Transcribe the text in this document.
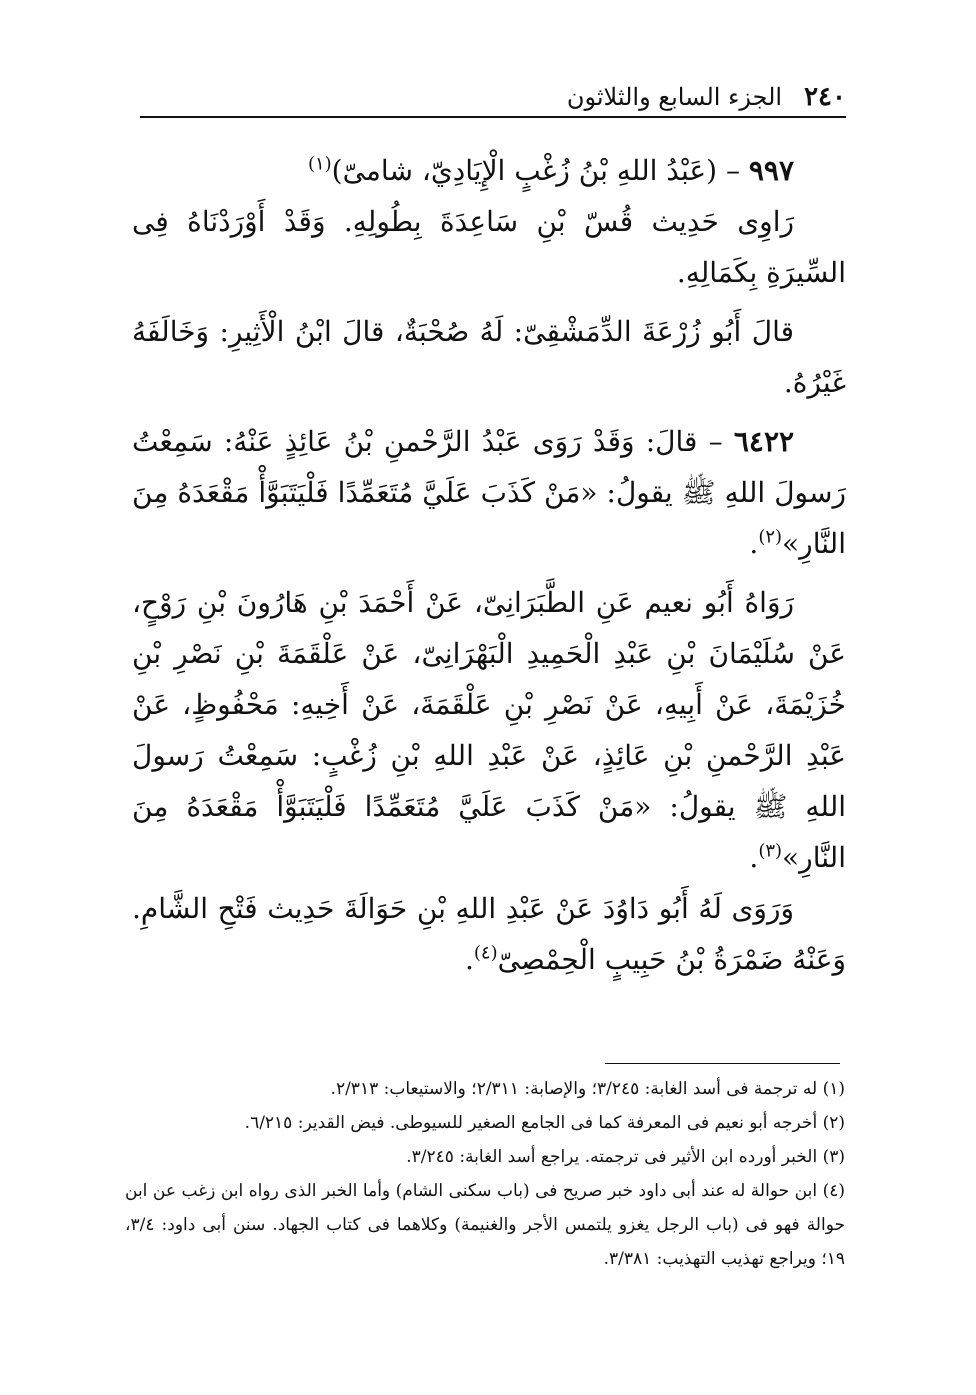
٢٤٠
الجزء السابع والثلاثون

٩٩٧ – (عَبْدُ اللهِ بْنُ زُغْبٍ الْإِيَادِيّ، شامىّ)$^{(١)}$

رَاوِى حَدِيث قُسّ بْنِ سَاعِدَةَ بِطُولِهِ. وَقَدْ أَوْرَدْنَاهُ فِى السِّيرَةِ بِكَمَالِهِ.

قالَ أَبُو زُرْعَةَ الدِّمَشْقِىّ: لَهُ صُحْبَةٌ، قالَ ابْنُ الْأَثِيرِ: وَخَالَفَهُ غَيْرُهُ.

٦٤٢٢ – قالَ: وَقَدْ رَوَى عَبْدُ الرَّحْمنِ بْنُ عَائِذٍ عَنْهُ: سَمِعْتُ رَسولَ اللهِ ﷺ يقولُ: «مَنْ كَذَبَ عَلَيَّ مُتَعَمِّدًا فَلْيَتَبَوَّأْ مَقْعَدَهُ مِنَ النَّارِ»$^{(٢)}$.

رَوَاهُ أَبُو نعيم عَنِ الطَّبَرَانِىّ، عَنْ أَحْمَدَ بْنِ هَارُونَ بْنِ رَوْحٍ، عَنْ سُلَيْمَانَ بْنِ عَبْدِ الْحَمِيدِ الْبَهْرَانِىّ، عَنْ عَلْقَمَةَ بْنِ نَصْرِ بْنِ خُزَيْمَةَ، عَنْ أَبِيهِ، عَنْ نَصْرِ بْنِ عَلْقَمَةَ، عَنْ أَخِيهِ: مَحْفُوظٍ، عَنْ عَبْدِ الرَّحْمنِ بْنِ عَائِذٍ، عَنْ عَبْدِ اللهِ بْنِ زُغْبٍ: سَمِعْتُ رَسولَ اللهِ ﷺ يقولُ: «مَنْ كَذَبَ عَلَيَّ مُتَعَمِّدًا فَلْيَتَبَوَّأْ مَقْعَدَهُ مِنَ النَّارِ»$^{(٣)}$.

وَرَوَى لَهُ أَبُو دَاوُدَ عَنْ عَبْدِ اللهِ بْنِ حَوَالَةَ حَدِيث فَتْحِ الشَّامِ. وَعَنْهُ ضَمْرَةُ بْنُ حَبِيبٍ الْحِمْصِىّ$^{(٤)}$.

(١) له ترجمة فى أسد الغابة: ٣/٢٤٥؛ والإصابة: ٢/٣١١؛ والاستيعاب: ٢/٣١٣.

(٢) أخرجه أبو نعيم فى المعرفة كما فى الجامع الصغير للسيوطى. فيض القدير: ٦/٢١٥.

(٣) الخبر أورده ابن الأثير فى ترجمته. يراجع أسد الغابة: ٣/٢٤٥.

(٤) ابن حوالة له عند أبى داود خبر صريح فى (باب سكنى الشام) وأما الخبر الذى رواه ابن زغب عن ابن حوالة فهو فى (باب الرجل يغزو يلتمس الأجر والغنيمة) وكلاهما فى كتاب الجهاد. سنن أبى داود: ٣/٤، ١٩؛ ويراجع تهذيب التهذيب: ٣/٣٨١.
